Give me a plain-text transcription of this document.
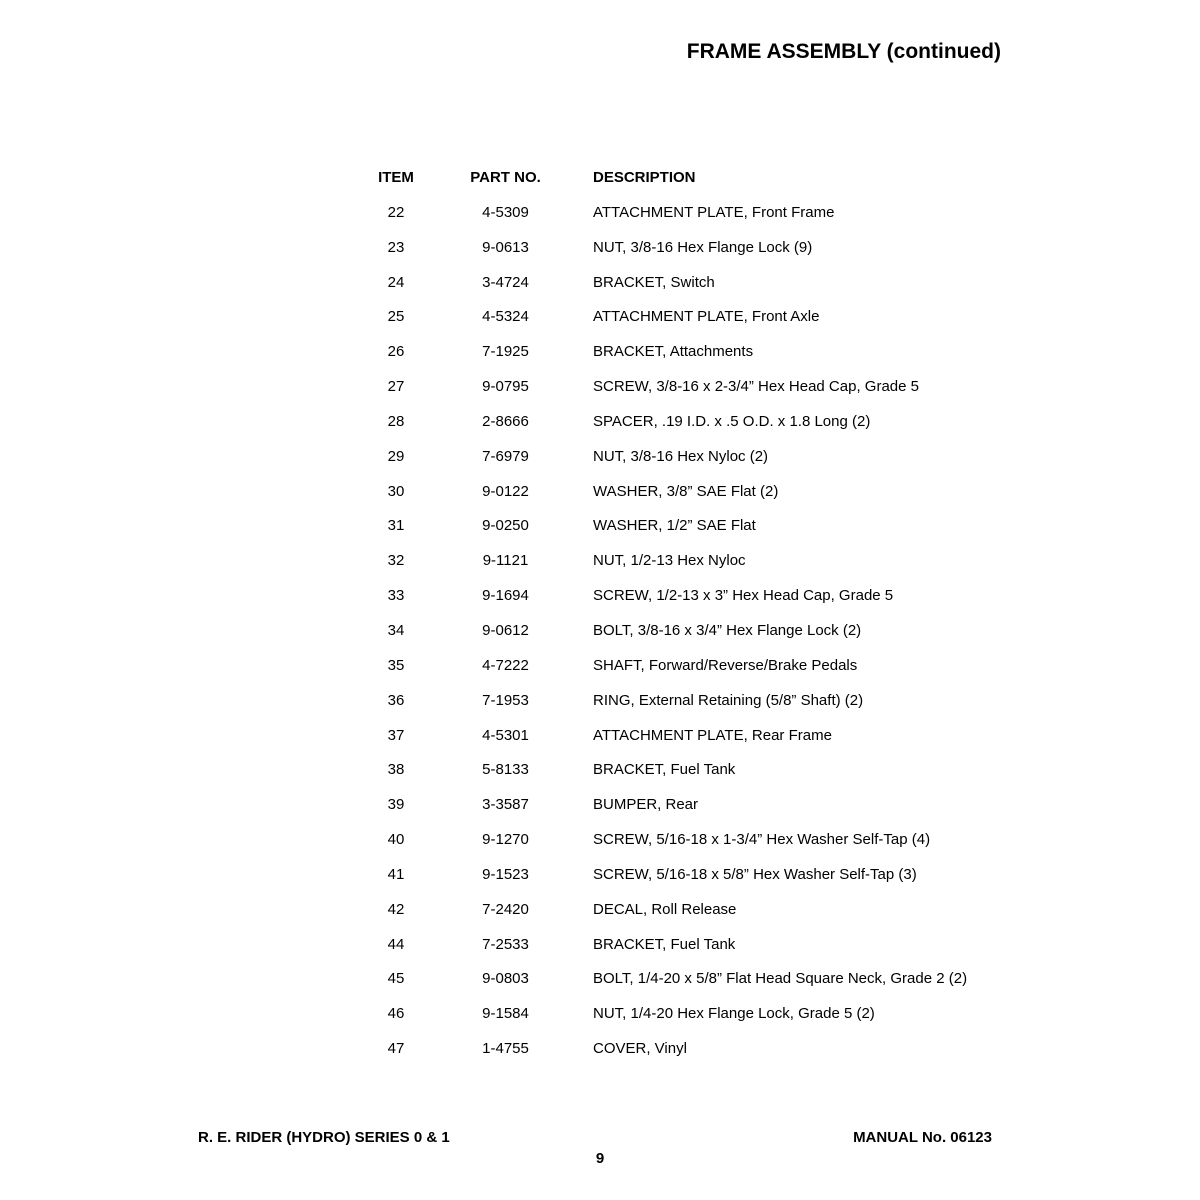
FRAME ASSEMBLY (continued)
ITEM	PART NO.	DESCRIPTION
22	4-5309	ATTACHMENT PLATE, Front Frame
23	9-0613	NUT, 3/8-16 Hex Flange Lock (9)
24	3-4724	BRACKET, Switch
25	4-5324	ATTACHMENT PLATE, Front Axle
26	7-1925	BRACKET, Attachments
27	9-0795	SCREW, 3/8-16 x 2-3/4” Hex Head Cap, Grade 5
28	2-8666	SPACER, .19 I.D. x .5 O.D. x 1.8 Long (2)
29	7-6979	NUT, 3/8-16 Hex Nyloc (2)
30	9-0122	WASHER, 3/8” SAE Flat (2)
31	9-0250	WASHER, 1/2” SAE Flat
32	9-1121	NUT, 1/2-13 Hex Nyloc
33	9-1694	SCREW, 1/2-13 x 3” Hex Head Cap, Grade 5
34	9-0612	BOLT, 3/8-16 x 3/4” Hex Flange Lock (2)
35	4-7222	SHAFT, Forward/Reverse/Brake Pedals
36	7-1953	RING, External Retaining (5/8” Shaft) (2)
37	4-5301	ATTACHMENT PLATE, Rear Frame
38	5-8133	BRACKET, Fuel Tank
39	3-3587	BUMPER, Rear
40	9-1270	SCREW, 5/16-18 x 1-3/4” Hex Washer Self-Tap (4)
41	9-1523	SCREW, 5/16-18 x 5/8” Hex Washer Self-Tap (3)
42	7-2420	DECAL, Roll Release
44	7-2533	BRACKET, Fuel Tank
45	9-0803	BOLT, 1/4-20 x 5/8” Flat Head Square Neck, Grade 2 (2)
46	9-1584	NUT, 1/4-20 Hex Flange Lock, Grade 5 (2)
47	1-4755	COVER, Vinyl
R. E. RIDER (HYDRO) SERIES 0 & 1	MANUAL No. 06123
9
